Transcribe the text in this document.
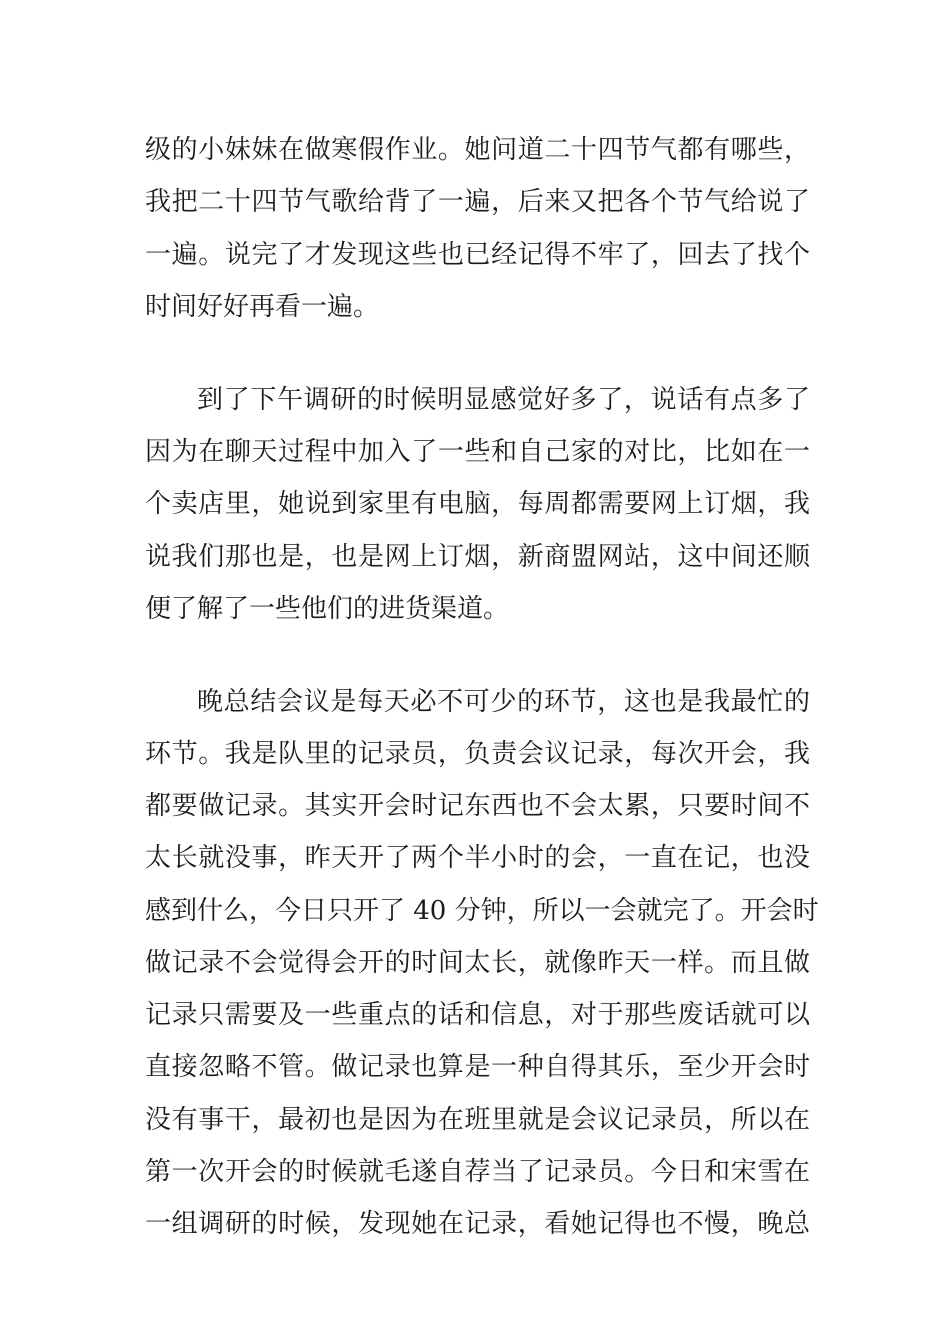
级的小妹妹在做寒假作业。她问道二十四节气都有哪些，
我把二十四节气歌给背了一遍，后来又把各个节气给说了
一遍。说完了才发现这些也已经记得不牢了，回去了找个
时间好好再看一遍。
到了下午调研的时候明显感觉好多了，说话有点多了
因为在聊天过程中加入了一些和自己家的对比，比如在一
个卖店里，她说到家里有电脑，每周都需要网上订烟，我
说我们那也是，也是网上订烟，新商盟网站，这中间还顺
便了解了一些他们的进货渠道。
晚总结会议是每天必不可少的环节，这也是我最忙的
环节。我是队里的记录员，负责会议记录，每次开会，我
都要做记录。其实开会时记东西也不会太累，只要时间不
太长就没事，昨天开了两个半小时的会，一直在记，也没
感到什么，今日只开了 40 分钟，所以一会就完了。开会时
做记录不会觉得会开的时间太长，就像昨天一样。而且做
记录只需要及一些重点的话和信息，对于那些废话就可以
直接忽略不管。做记录也算是一种自得其乐，至少开会时
没有事干，最初也是因为在班里就是会议记录员，所以在
第一次开会的时候就毛遂自荐当了记录员。今日和宋雪在
一组调研的时候，发现她在记录，看她记得也不慢，晚总
